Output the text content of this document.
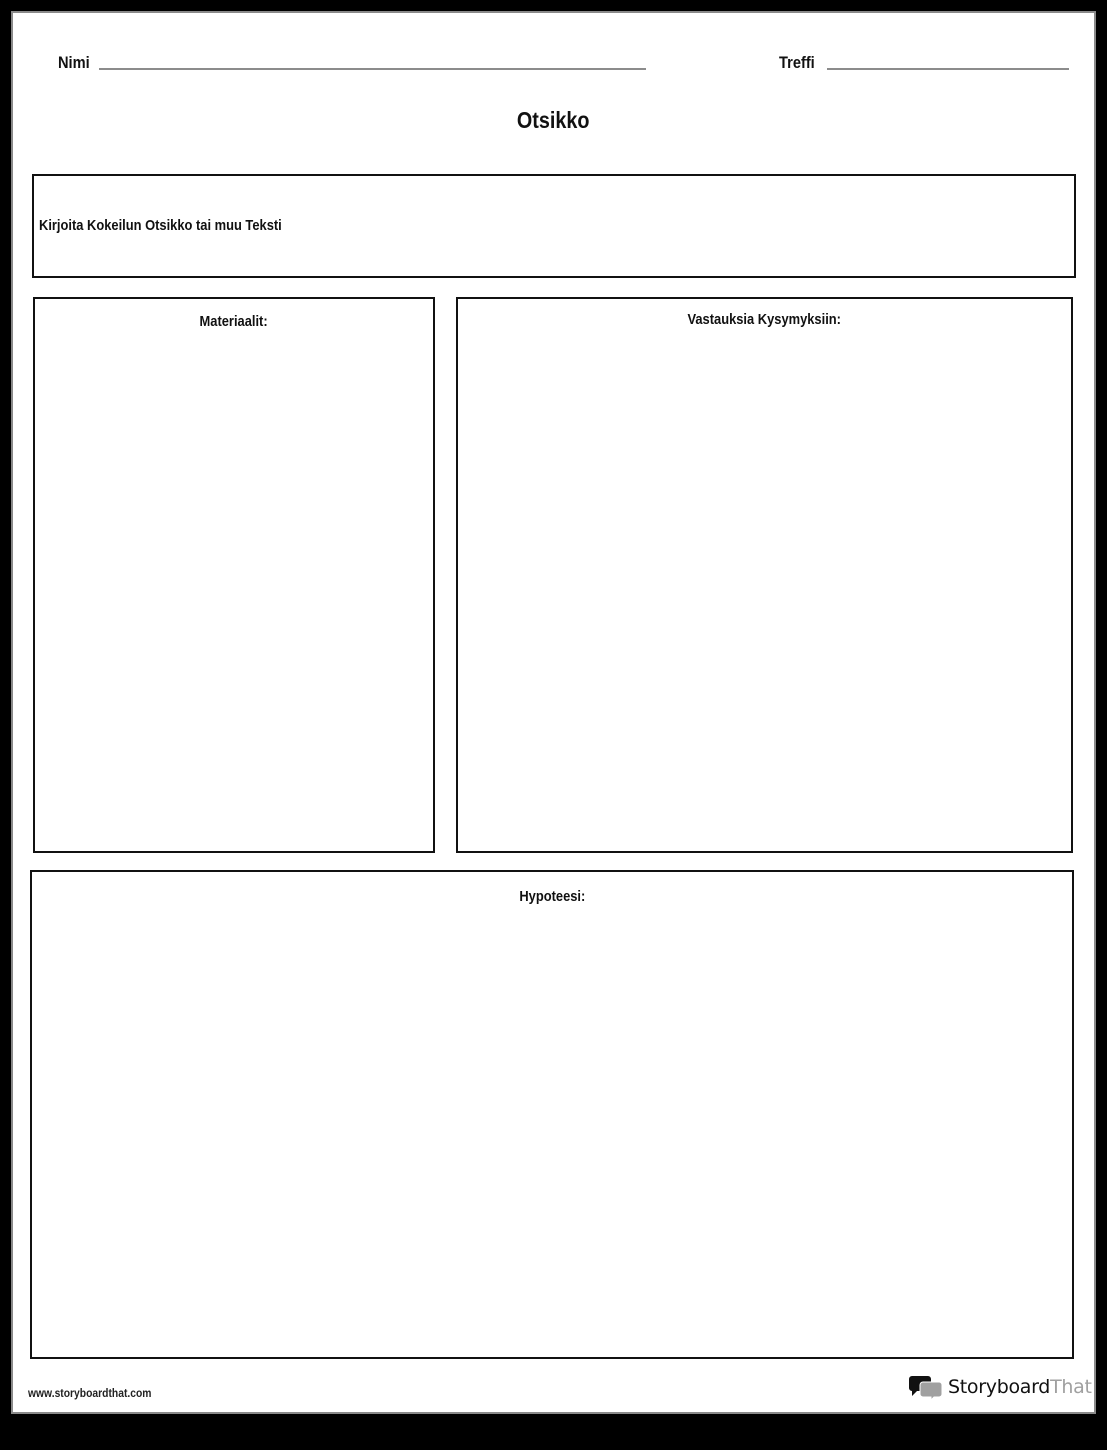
Nimi	Treffi
Otsikko
Kirjoita Kokeilun Otsikko tai muu Teksti
Materiaalit:	Vastauksia Kysymyksiin:
Hypoteesi:
www.storyboardthat.com	Storyboard That
